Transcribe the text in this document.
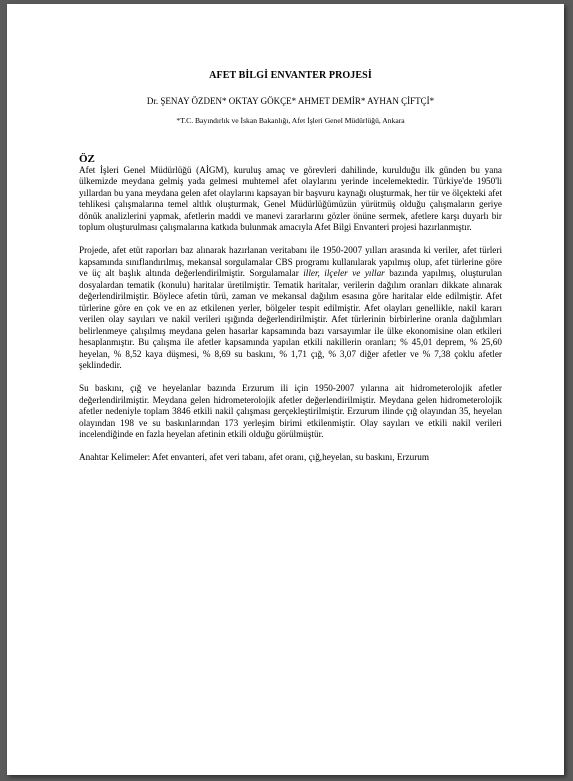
AFET BİLGİ ENVANTER PROJESİ
Dr. ŞENAY ÖZDEN* OKTAY GÖKÇE* AHMET DEMİR* AYHAN ÇİFTÇİ*
*T.C. Bayındırlık ve İskan Bakanlığı, Afet İşleri Genel Müdürlüğü, Ankara
ÖZ

Afet İşleri Genel Müdürlüğü (AİGM), kuruluş amaç ve görevleri dahilinde, kurulduğu ilk günden bu yana ülkemizde meydana gelmiş yada gelmesi muhtemel afet olaylarını yerinde incelemektedir. Türkiye'de 1950'li yıllardan bu yana meydana gelen afet olaylarını kapsayan bir başvuru kaynağı oluşturmak, her tür ve ölçekteki afet tehlikesi çalışmalarına temel altlık oluşturmak, Genel Müdürlüğümüzün yürütmüş olduğu çalışmaların geriye dönük analizlerini yapmak, afetlerin maddi ve manevi zararlarını gözler önüne sermek, afetlere karşı duyarlı bir toplum oluşturulması çalışmalarına katkıda bulunmak amacıyla Afet Bilgi Envanteri projesi hazırlanmıştır.

Projede, afet etüt raporları baz alınarak hazırlanan veritabanı ile 1950-2007 yılları arasında ki veriler, afet türleri kapsamında sınıflandırılmış, mekansal sorgulamalar CBS programı kullanılarak yapılmış olup, afet türlerine göre ve üç alt başlık altında değerlendirilmiştir. Sorgulamalar iller, ilçeler ve yıllar bazında yapılmış, oluşturulan dosyalardan tematik (konulu) haritalar üretilmiştir. Tematik haritalar, verilerin dağılım oranları dikkate alınarak değerlendirilmiştir. Böylece afetin türü, zaman ve mekansal dağılım esasına göre haritalar elde edilmiştir. Afet türlerine göre en çok ve en az etkilenen yerler, bölgeler tespit edilmiştir. Afet olayları genellikle, nakil kararı verilen olay sayıları ve nakil verileri ışığında değerlendirilmiştir. Afet türlerinin birbirlerine oranla dağılımları belirlenmeye çalışılmış meydana gelen hasarlar kapsamında bazı varsayımlar ile ülke ekonomisine olan etkileri hesaplanmıştır. Bu çalışma ile afetler kapsamında yapılan etkili nakillerin oranları; % 45,01 deprem, % 25,60 heyelan, % 8,52 kaya düşmesi, % 8,69 su baskını, % 1,71 çığ, % 3,07 diğer afetler ve % 7,38 çoklu afetler şeklindedir.

Su baskını, çığ ve heyelanlar bazında Erzurum ili için 1950-2007 yılarına ait hidrometerolojik afetler değerlendirilmiştir. Meydana gelen hidrometerolojik afetler değerlendirilmiştir. Meydana gelen hidrometerolojik afetler nedeniyle toplam 3846 etkili nakil çalışması gerçekleştirilmiştir. Erzurum ilinde çığ olayından 35, heyelan olayından 198 ve su baskınlarından 173 yerleşim birimi etkilenmiştir. Olay sayıları ve etkili nakil verileri incelendiğinde en fazla heyelan afetinin etkili olduğu görülmüştür.

Anahtar Kelimeler: Afet envanteri, afet veri tabanı, afet oranı, çığ,heyelan, su baskını, Erzurum
